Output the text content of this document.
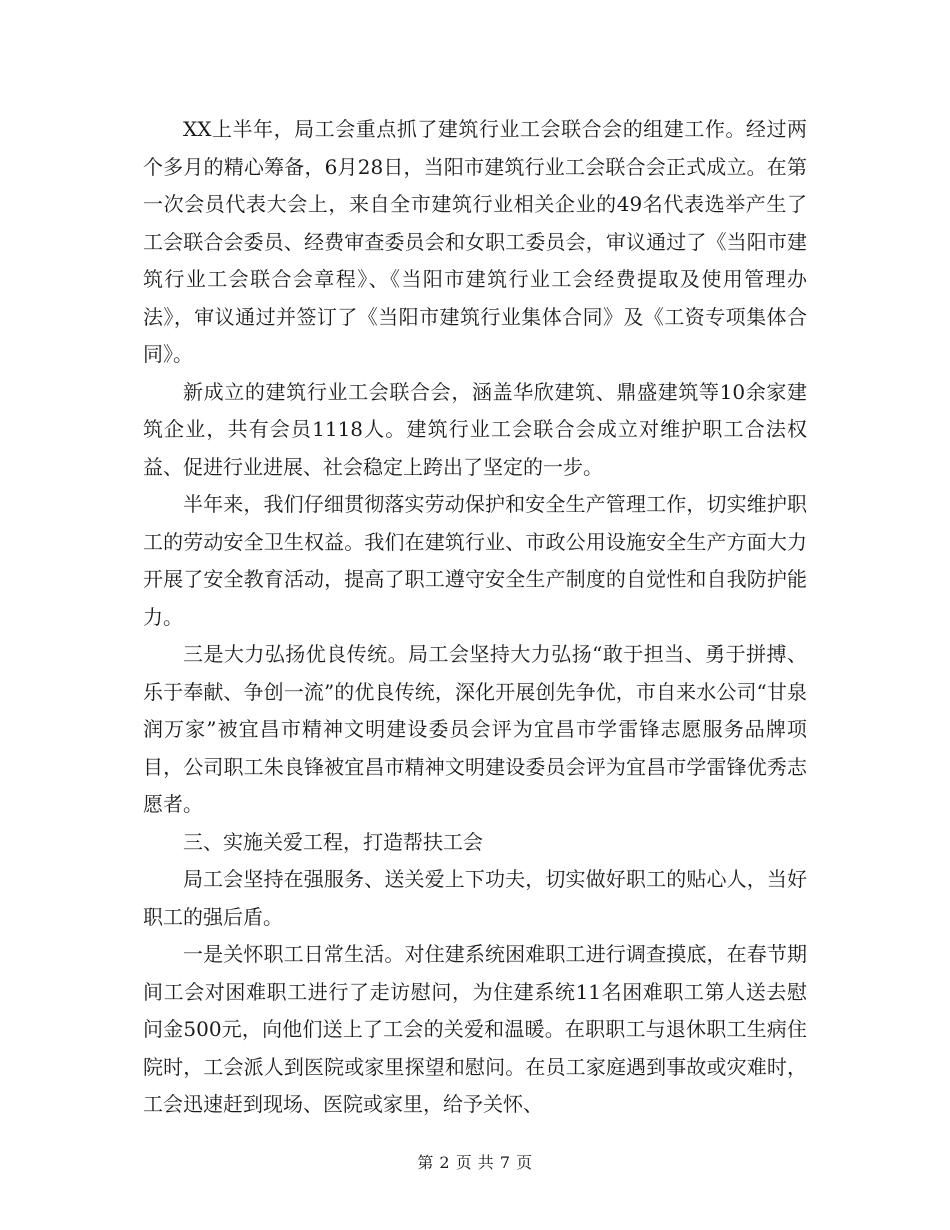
XX上半年，局工会重点抓了建筑行业工会联合会的组建工作。经过两个多月的精心筹备，6月28日，当阳市建筑行业工会联合会正式成立。在第一次会员代表大会上，来自全市建筑行业相关企业的49名代表选举产生了工会联合会委员、经费审查委员会和女职工委员会，审议通过了《当阳市建筑行业工会联合会章程》、《当阳市建筑行业工会经费提取及使用管理办法》，审议通过并签订了《当阳市建筑行业集体合同》及《工资专项集体合同》。

新成立的建筑行业工会联合会，涵盖华欣建筑、鼎盛建筑等10余家建筑企业，共有会员1118人。建筑行业工会联合会成立对维护职工合法权益、促进行业进展、社会稳定上跨出了坚定的一步。

半年来，我们仔细贯彻落实劳动保护和安全生产管理工作，切实维护职工的劳动安全卫生权益。我们在建筑行业、市政公用设施安全生产方面大力开展了安全教育活动，提高了职工遵守安全生产制度的自觉性和自我防护能力。

三是大力弘扬优良传统。局工会坚持大力弘扬“敢于担当、勇于拼搏、乐于奉献、争创一流”的优良传统，深化开展创先争优，市自来水公司“甘泉润万家”被宜昌市精神文明建设委员会评为宜昌市学雷锋志愿服务品牌项目，公司职工朱良锋被宜昌市精神文明建设委员会评为宜昌市学雷锋优秀志愿者。

三、实施关爱工程，打造帮扶工会

局工会坚持在强服务、送关爱上下功夫，切实做好职工的贴心人，当好职工的强后盾。

一是关怀职工日常生活。对住建系统困难职工进行调查摸底，在春节期间工会对困难职工进行了走访慰问，为住建系统11名困难职工第人送去慰问金500元，向他们送上了工会的关爱和温暖。在职职工与退休职工生病住院时，工会派人到医院或家里探望和慰问。在员工家庭遇到事故或灾难时，工会迅速赶到现场、医院或家里，给予关怀、

第 2 页 共 7 页
